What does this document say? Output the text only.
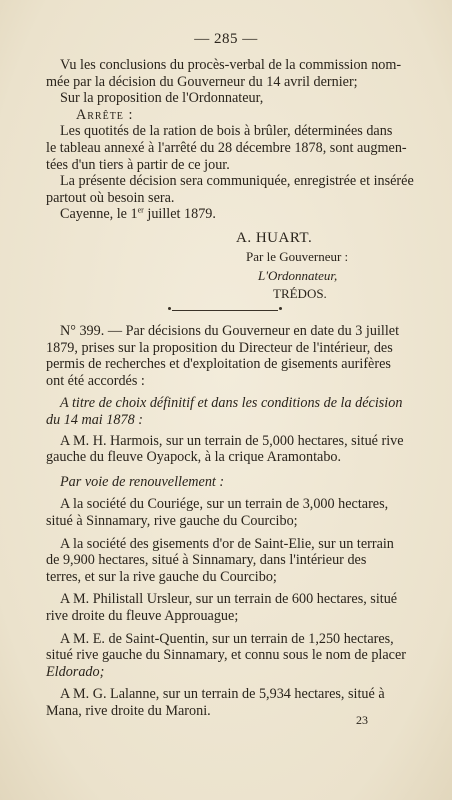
— 285 —
Vu les conclusions du procès-verbal de la commission nom-
mée par la décision du Gouverneur du 14 avril dernier;
Sur la proposition de l'Ordonnateur,
Arrête :
Les quotités de la ration de bois à brûler, déterminées dans
le tableau annexé à l'arrêté du 28 décembre 1878, sont augmen-
tées d'un tiers à partir de ce jour.
La présente décision sera communiquée, enregistrée et insérée
partout où besoin sera.
Cayenne, le 1er juillet 1879.
A. HUART.
Par le Gouverneur :
L'Ordonnateur,
TRÉDOS.
N° 399. — Par décisions du Gouverneur en date du 3 juillet
1879, prises sur la proposition du Directeur de l'intérieur, des
permis de recherches et d'exploitation de gisements aurifères
ont été accordés :
A titre de choix définitif et dans les conditions de la décision
du 14 mai 1878 :
A M. H. Harmois, sur un terrain de 5,000 hectares, situé rive
gauche du fleuve Oyapock, à la crique Aramontabo.
Par voie de renouvellement :
A la société du Couriége, sur un terrain de 3,000 hectares,
situé à Sinnamary, rive gauche du Courcibo;
A la société des gisements d'or de Saint-Elie, sur un terrain
de 9,900 hectares, situé à Sinnamary, dans l'intérieur des
terres, et sur la rive gauche du Courcibo;
A M. Philistall Ursleur, sur un terrain de 600 hectares, situé
rive droite du fleuve Approuague;
A M. E. de Saint-Quentin, sur un terrain de 1,250 hectares,
situé rive gauche du Sinnamary, et connu sous le nom de placer
Eldorado;
A M. G. Lalanne, sur un terrain de 5,934 hectares, situé à
Mana, rive droite du Maroni.
23
